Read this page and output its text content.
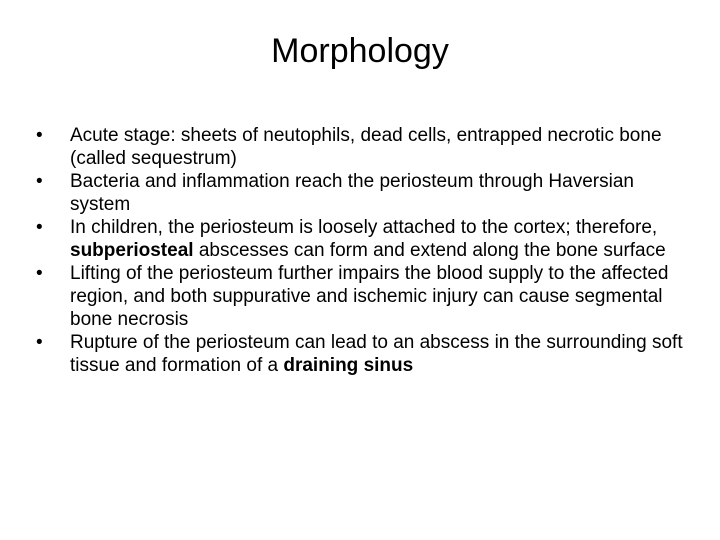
Morphology
•	Acute stage: sheets of neutophils, dead cells, entrapped necrotic bone (called sequestrum)
•	Bacteria and inflammation reach the periosteum through Haversian system
•	In children, the periosteum is loosely attached to the cortex; therefore, subperiosteal abscesses can form and extend along the bone surface
•	Lifting of the periosteum further impairs the blood supply to the affected region, and both suppurative and ischemic injury can cause segmental bone necrosis
•	Rupture of the periosteum can lead to an abscess in the surrounding soft tissue and formation of a draining sinus
